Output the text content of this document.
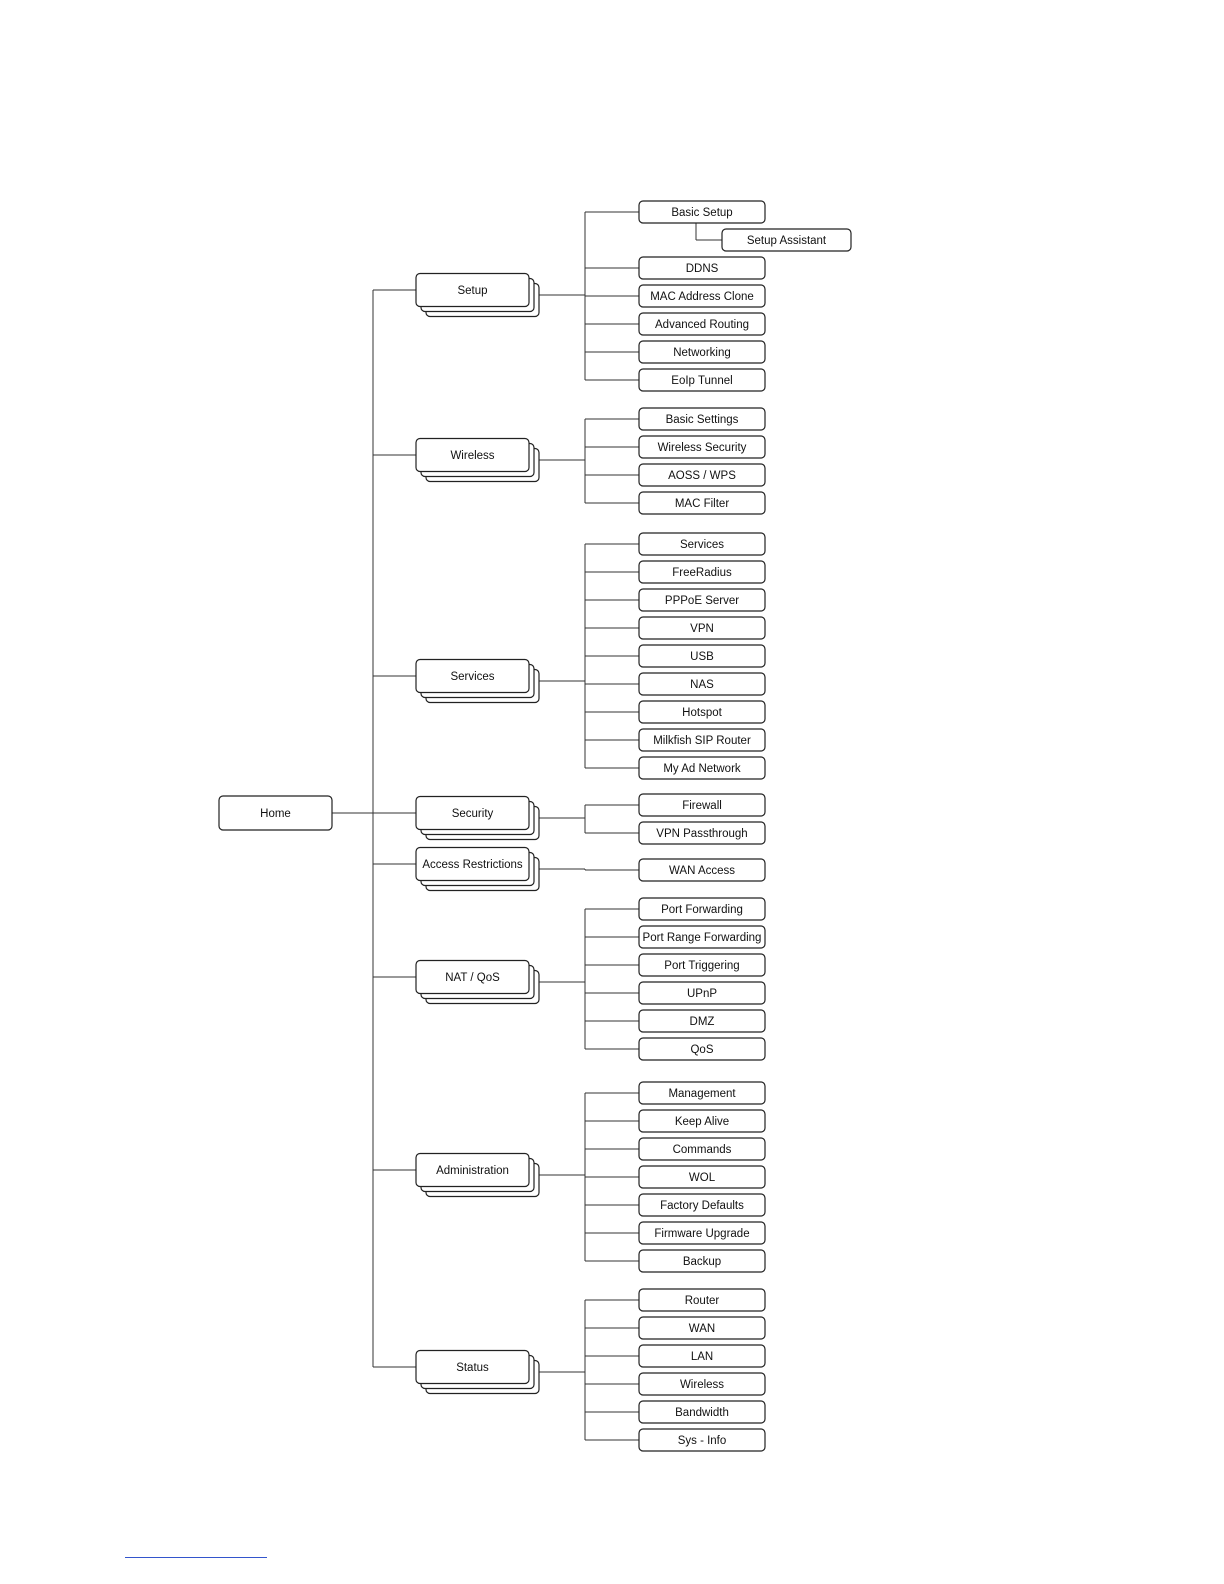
Home
Setup
Basic Setup
DDNS
MAC Address Clone
Advanced Routing
Networking
EoIp Tunnel
Setup Assistant
Wireless
Basic Settings
Wireless Security
AOSS / WPS
MAC Filter
Services
Services
FreeRadius
PPPoE Server
VPN
USB
NAS
Hotspot
Milkfish SIP Router
My Ad Network
Security
Firewall
VPN Passthrough
Access Restrictions	WAN Access
NAT / QoS
Port Forwarding
Port Range Forwarding
Port Triggering
UPnP
DMZ
QoS
Administration
Management
Keep Alive
Commands
WOL
Factory Defaults
Firmware Upgrade
Backup
Status
Router
WAN
LAN
Wireless
Bandwidth
Sys - Info
